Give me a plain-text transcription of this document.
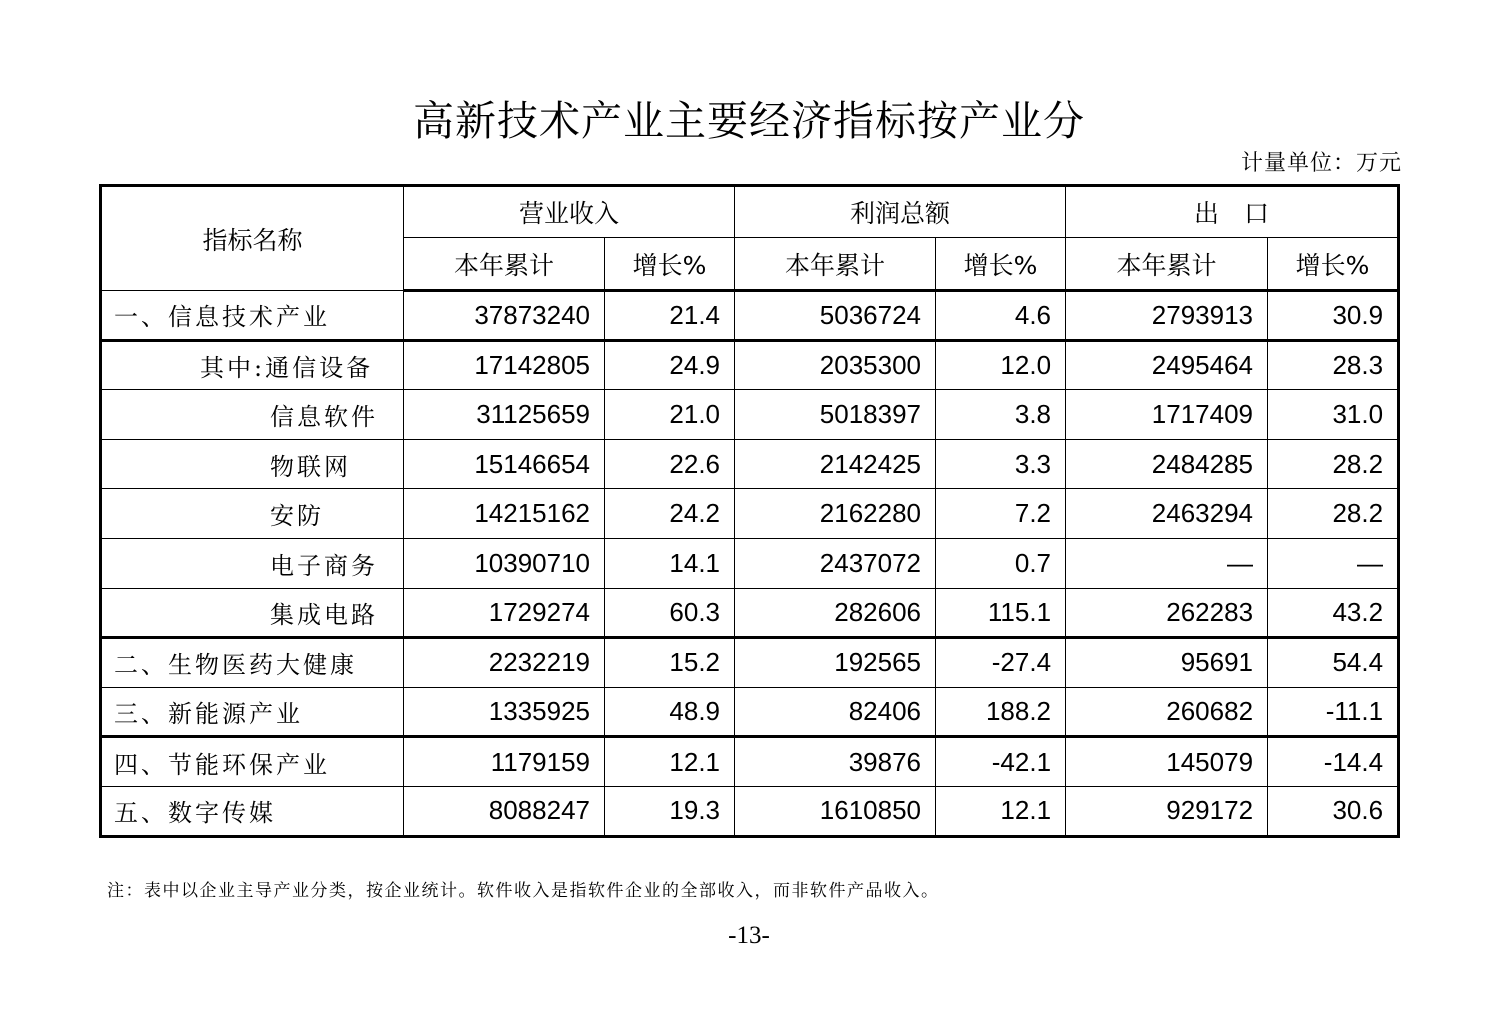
高新技术产业主要经济指标按产业分
计量单位：万元
指标名称	营业收入		利润总额		出　口	
	本年累计	增长%	本年累计	增长%	本年累计	增长%
一、信息技术产业	37873240	21.4	5036724	4.6	2793913	30.9
其中:通信设备	17142805	24.9	2035300	12.0	2495464	28.3
信息软件	31125659	21.0	5018397	3.8	1717409	31.0
物联网	15146654	22.6	2142425	3.3	2484285	28.2
安防	14215162	24.2	2162280	7.2	2463294	28.2
电子商务	10390710	14.1	2437072	0.7	—	—
集成电路	1729274	60.3	282606	115.1	262283	43.2
二、生物医药大健康	2232219	15.2	192565	-27.4	95691	54.4
三、新能源产业	1335925	48.9	82406	188.2	260682	-11.1
四、节能环保产业	1179159	12.1	39876	-42.1	145079	-14.4
五、数字传媒	8088247	19.3	1610850	12.1	929172	30.6
注：表中以企业主导产业分类，按企业统计。软件收入是指软件企业的全部收入，而非软件产品收入。
-13-
